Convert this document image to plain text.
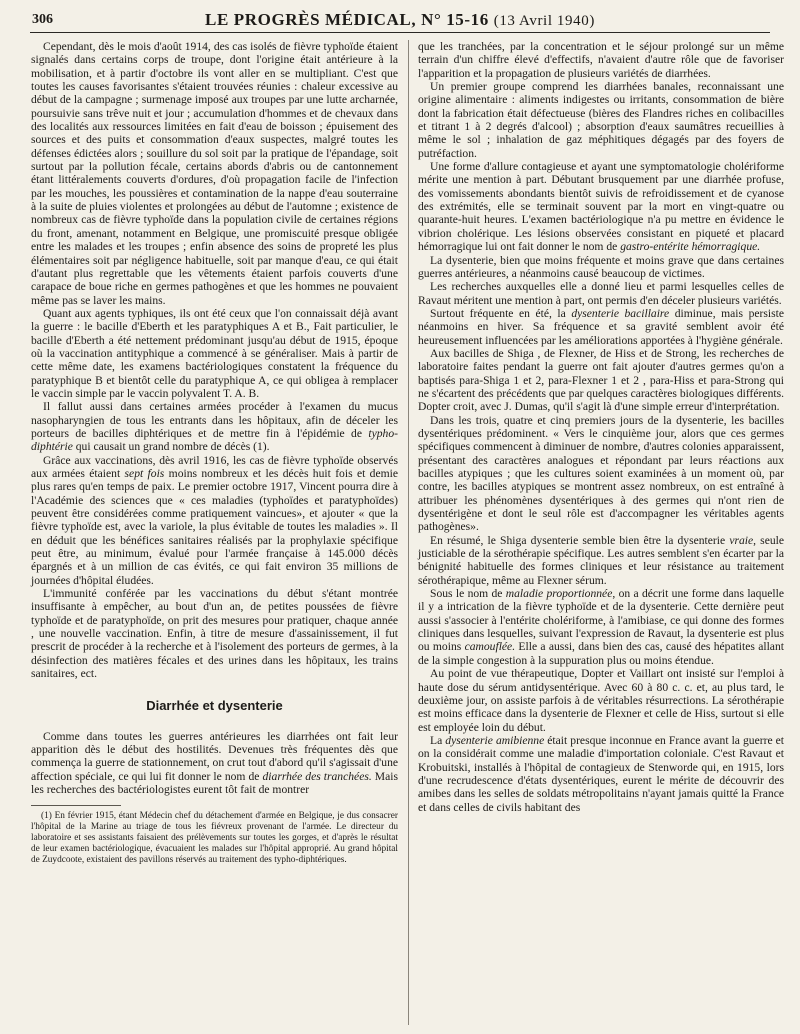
306	LE PROGRÈS MÉDICAL, N° 15-16 (13 Avril 1940)

Cependant, dès le mois d'août 1914, des cas isolés de fièvre typhoïde étaient signalés dans certains corps de troupe, dont l'origine était antérieure à la mobilisation, et à partir d'octobre ils vont aller en se multipliant. C'est que toutes les causes favorisantes s'étaient trouvées réunies : chaleur excessive au début de la campagne ; surmenage imposé aux troupes par une lutte archarnée, poursuivie sans trêve nuit et jour ; accumulation d'hommes et de chevaux dans des localités aux ressources limitées en fait d'eau de boisson ; épuisement des sources et des puits et consommation d'eaux suspectes, malgré toutes les défenses édictées alors ; souillure du sol soit par la pratique de l'épandage, soit surtout par la pollution fécale, certains abords d'abris ou de cantonnement étant littéralements couverts d'ordures, d'où propagation facile de l'infection par les mouches, les poussières et contamination de la nappe d'eau souterraine à la suite de pluies violentes et prolongées au début de l'automne ; existence de nombreux cas de fièvre typhoïde dans la population civile de certaines régions du front, amenant, notamment en Belgique, une promiscuité presque obligée entre les malades et les troupes ; enfin absence des soins de propreté les plus élémentaires soit par négligence habituelle, soit par manque d'eau, ce qui était d'autant plus regrettable que les vêtements étaient parfois couverts d'une carapace de boue riche en germes pathogènes et que les hommes ne pouvaient même pas se laver les mains.

Quant aux agents typhiques, ils ont été ceux que l'on connaissait déjà avant la guerre : le bacille d'Eberth et les paratyphiques A et B., Fait particulier, le bacille d'Eberth a été nettement prédominant jusqu'au début de 1915, époque où la vaccination antityphique a commencé à se généraliser. Mais à partir de cette même date, les examens bactériologiques constatent la fréquence du paratyphique B et bientôt celle du paratyphique A, ce qui obligea à remplacer le vaccin simple par le vaccin polyvalent T. A. B.

Il fallut aussi dans certaines armées procéder à l'examen du mucus nasopharyngien de tous les entrants dans les hôpitaux, afin de déceler les porteurs de bacilles diphtériques et de mettre fin à l'épidémie de typho-diphtérie qui causait un grand nombre de décès (1).

Grâce aux vaccinations, dès avril 1916, les cas de fièvre typhoïde observés aux armées étaient sept fois moins nombreux et les décès huit fois et demie plus rares qu'en temps de paix. Le premier octobre 1917, Vincent pourra dire à l'Académie des sciences que « ces maladies (typhoïdes et paratyphoïdes) peuvent être considérées comme pratiquement vaincues», et ajouter « que la fièvre typhoïde est, avec la variole, la plus évitable de toutes les maladies ». Il en déduit que les bénéfices sanitaires réalisés par la prophylaxie spécifique peut être, au minimum, évalué pour l'armée française à 145.000 décès épargnés et à un million de cas évités, ce qui fait environ 35 millions de journées d'hôpital éludées.

L'immunité conférée par les vaccinations du début s'étant montrée insuffisante à empêcher, au bout d'un an, de petites poussées de fièvre typhoïde et de paratyphoïde, on prit des mesures pour pratiquer, chaque année , une nouvelle vaccination. Enfin, à titre de mesure d'assainissement, il fut prescrit de procéder à la recherche et à l'isolement des porteurs de germes, à la désinfection des matières fécales et des urines dans les hôpitaux, les trains sanitaires, ect.

Diarrhée et dysenterie

Comme dans toutes les guerres antérieures les diarrhées ont fait leur apparition dès le début des hostilités. Devenues très fréquentes dès que commença la guerre de stationnement, on crut tout d'abord qu'il s'agissait d'une affection spéciale, ce qui lui fit donner le nom de diarrhée des tranchées. Mais les recherches des bactériologistes eurent tôt fait de montrer

(1) En février 1915, étant Médecin chef du détachement d'armée en Belgique, je dus consacrer l'hôpital de la Marine au triage de tous les fiévreux provenant de l'armée. Le directeur du laboratoire et ses assistants faisaient des prélèvements sur toutes les gorges, et d'après le résultat de leur examen bactériologique, évacuaient les malades sur l'hôpital approprié. Au grand hôpital de Zuydcoote, existaient des pavillons réservés au traitement des typho-diphtériques.

que les tranchées, par la concentration et le séjour prolongé sur un même terrain d'un chiffre élevé d'effectifs, n'avaient d'autre rôle que de favoriser l'apparition et la propagation de plusieurs variétés de diarrhées.

Un premier groupe comprend les diarrhées banales, reconnaissant une origine alimentaire : aliments indigestes ou irritants, consommation de bière dont la fabrication était défectueuse (bières des Flandres riches en colibacilles et titrant 1 à 2 degrés d'alcool) ; absorption d'eaux saumâtres recueillies à même le sol ; inhalation de gaz méphitiques dégagés par des foyers de putréfaction.

Une forme d'allure contagieuse et ayant une symptomatologie cholériforme mérite une mention à part. Débutant brusquement par une diarrhée profuse, des vomissements abondants bientôt suivis de refroidissement et de cyanose des extrémités, elle se terminait souvent par la mort en vingt-quatre ou quarante-huit heures. L'examen bactériologique n'a pu mettre en évidence le vibrion cholérique. Les lésions observées consistant en piqueté et placard hémorragique lui ont fait donner le nom de gastro-entérite hémorragique.

La dysenterie, bien que moins fréquente et moins grave que dans certaines guerres antérieures, a néanmoins causé beaucoup de victimes.

Les recherches auxquelles elle a donné lieu et parmi lesquelles celles de Ravaut méritent une mention à part, ont permis d'en déceler plusieurs variétés.

Surtout fréquente en été, la dysenterie bacillaire diminue, mais persiste néanmoins en hiver. Sa fréquence et sa gravité semblent avoir été heureusement influencées par les améliorations apportées à l'hygiène générale.

Aux bacilles de Shiga , de Flexner, de Hiss et de Strong, les recherches de laboratoire faites pendant la guerre ont fait ajouter d'autres germes qu'on a baptisés para-Shiga 1 et 2, para-Flexner 1 et 2 , para-Hiss et para-Strong qui ne s'écartent des précédents que par quelques caractères biologiques différents. Dopter croit, avec J. Dumas, qu'il s'agit là d'une simple erreur d'interprétation.

Dans les trois, quatre et cinq premiers jours de la dysenterie, les bacilles dysentériques prédominent. « Vers le cinquième jour, alors que ces germes spécifiques commencent à diminuer de nombre, d'autres colonies apparaissent, présentant des caractères analogues et répondant par leurs réactions aux bacilles atypiques ; que les cultures soient examinées à un moment où, par contre, les bacilles atypiques se montrent assez nombreux, on est entraîné à attribuer les phénomènes dysentériques à des germes qui n'ont rien de dysentérigène et dont le seul rôle est d'accompagner les véritables agents pathogènes».

En résumé, le Shiga dysenterie semble bien être la dysenterie vraie, seule justiciable de la sérothérapie spécifique. Les autres semblent s'en écarter par la bénignité habituelle des formes cliniques et leur résistance au traitement sérothérapique, même au Flexner sérum.

Sous le nom de maladie proportionnée, on a décrit une forme dans laquelle il y a intrication de la fièvre typhoïde et de la dysenterie. Cette dernière peut aussi s'associer à l'entérite cholériforme, à l'amibiase, ce qui donne des formes cliniques dans lesquelles, suivant l'expression de Ravaut, la dysenterie est plus ou moins camouflée. Elle a aussi, dans bien des cas, causé des hépatites allant de la simple congestion à la suppuration plus ou moins étendue.

Au point de vue thérapeutique, Dopter et Vaillart ont insisté sur l'emploi à haute dose du sérum antidysentérique. Avec 60 à 80 c. c. et, au plus tard, le deuxième jour, on assiste parfois à de véritables résurrections. La sérothérapie est moins efficace dans la dysenterie de Flexner et celle de Hiss, surtout si elle est employée loin du début.

La dysenterie amibienne était presque inconnue en France avant la guerre et on la considérait comme une maladie d'importation coloniale. C'est Ravaut et Krobuitski, installés à l'hôpital de contagieux de Stenworde qui, en 1915, lors d'une recrudescence d'états dysentériques, eurent le mérite de découvrir des amibes dans les selles de soldats métropolitains n'ayant jamais quitté la France et dans celles de civils habitant des
